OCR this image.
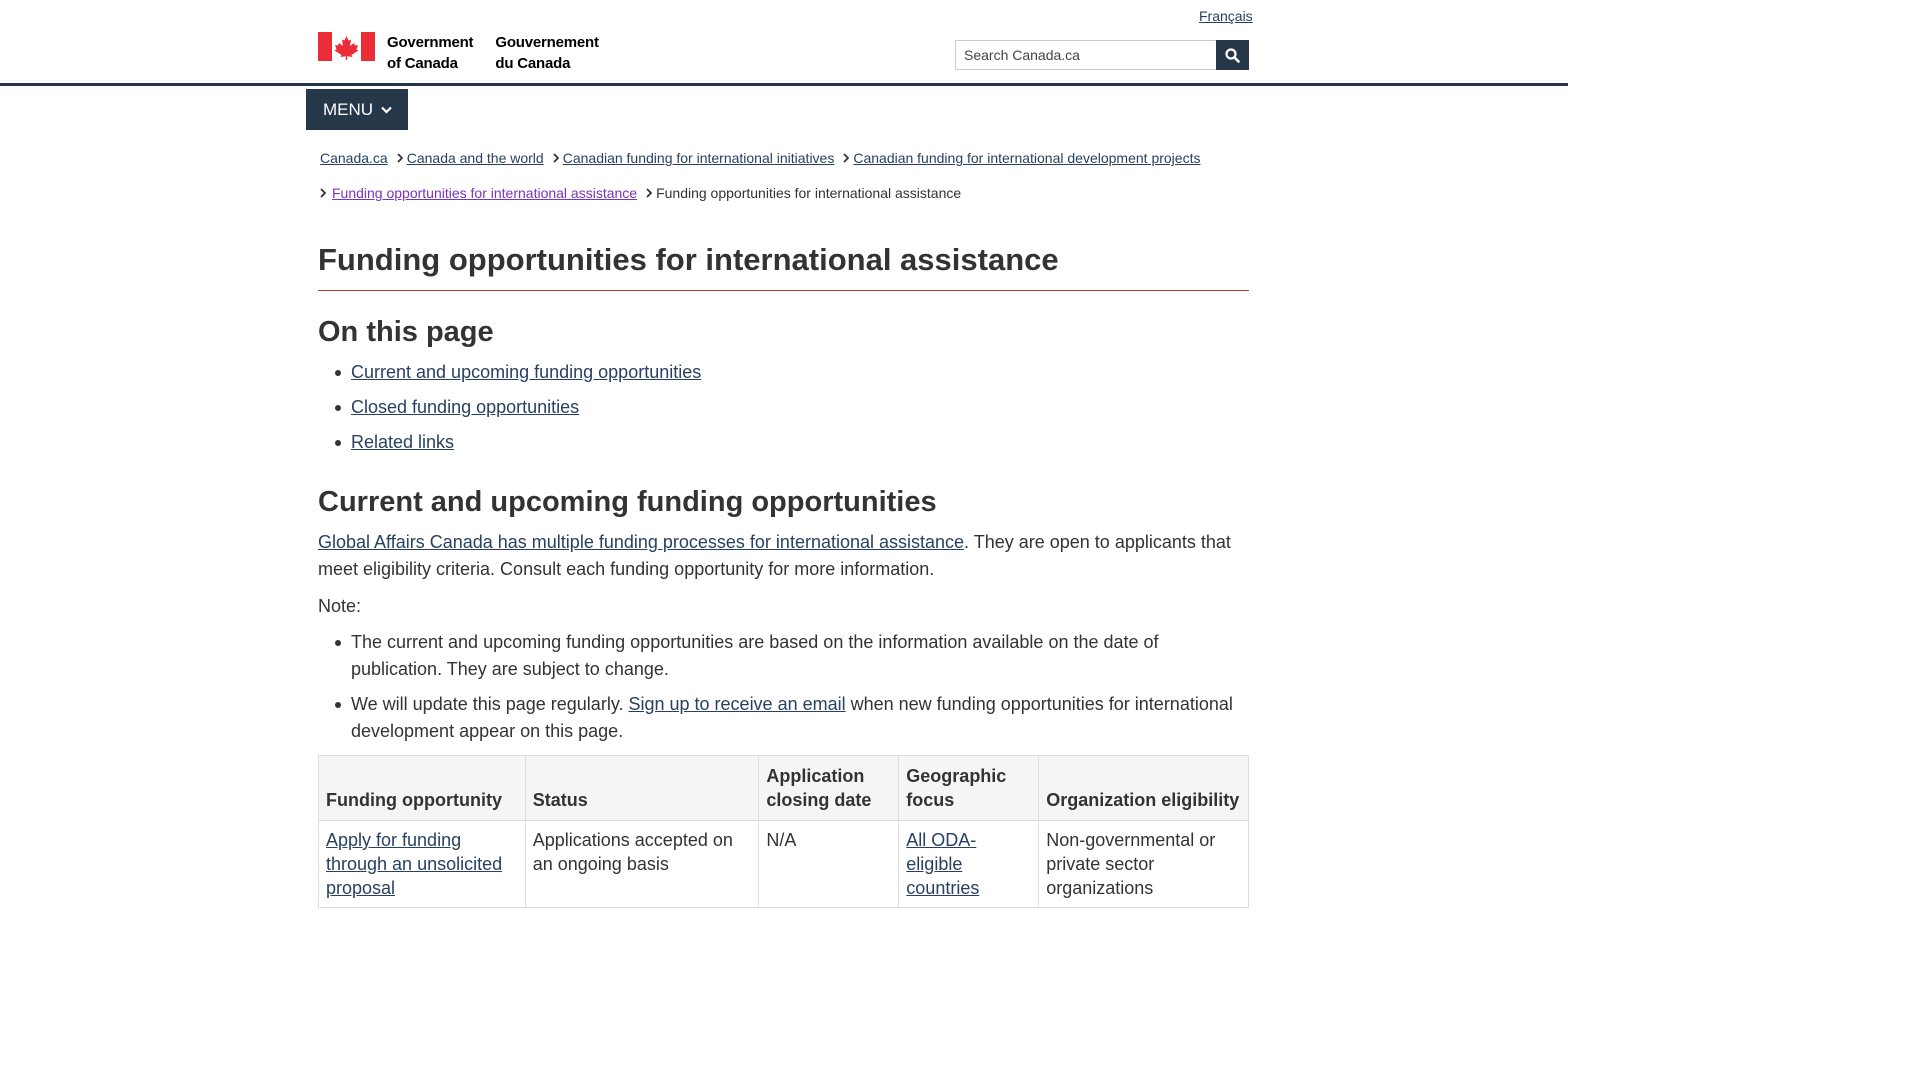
Government
of Canada
Gouvernement
du Canada
Français
Search Canada.ca
MENU
Canada.ca Canada and the world Canadian funding for international initiatives Canadian funding for international development projects
Funding opportunities for international assistance Funding opportunities for international assistance
Funding opportunities for international assistance
On this page
Current and upcoming funding opportunities
Closed funding opportunities
Related links
Current and upcoming funding opportunities

Global Affairs Canada has multiple funding processes for international assistance. They are open to applicants that meet eligibility criteria. Consult each funding opportunity for more information.

Note:

The current and upcoming funding opportunities are based on the information available on the date of publication. They are subject to change.
We will update this page regularly. Sign up to receive an email when new funding opportunities for international development appear on this page.
Funding opportunity	Status	Application closing date	Geographic focus	Organization eligibility
Apply for funding through an unsolicited proposal	Applications accepted on an ongoing basis	N/A	All ODA-eligible countries	Non-governmental or private sector organizations
